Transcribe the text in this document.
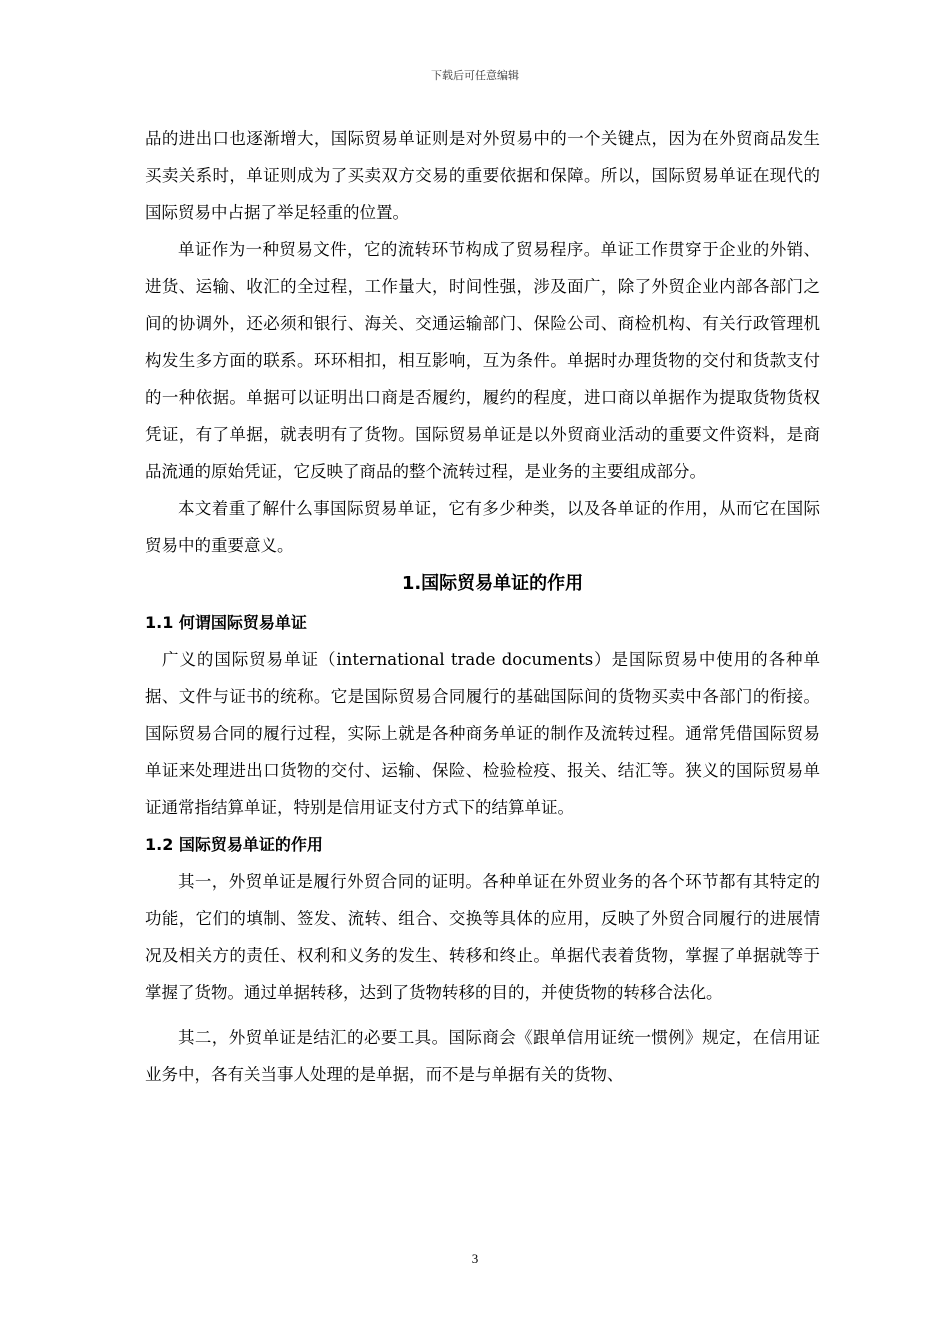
下载后可任意编辑

品的进出口也逐渐增大，国际贸易单证则是对外贸易中的一个关键点，因为在外贸商品发生买卖关系时，单证则成为了买卖双方交易的重要依据和保障。所以，国际贸易单证在现代的国际贸易中占据了举足轻重的位置。

单证作为一种贸易文件，它的流转环节构成了贸易程序。单证工作贯穿于企业的外销、进货、运输、收汇的全过程，工作量大，时间性强，涉及面广，除了外贸企业内部各部门之间的协调外，还必须和银行、海关、交通运输部门、保险公司、商检机构、有关行政管理机构发生多方面的联系。环环相扣，相互影响，互为条件。单据时办理货物的交付和货款支付的一种依据。单据可以证明出口商是否履约，履约的程度，进口商以单据作为提取货物货权凭证，有了单据，就表明有了货物。国际贸易单证是以外贸商业活动的重要文件资料，是商品流通的原始凭证，它反映了商品的整个流转过程，是业务的主要组成部分。

本文着重了解什么事国际贸易单证，它有多少种类，以及各单证的作用，从而它在国际贸易中的重要意义。

1.国际贸易单证的作用
1.1 何谓国际贸易单证

广义的国际贸易单证（international trade documents）是国际贸易中使用的各种单据、文件与证书的统称。它是国际贸易合同履行的基础国际间的货物买卖中各部门的衔接。国际贸易合同的履行过程，实际上就是各种商务单证的制作及流转过程。通常凭借国际贸易单证来处理进出口货物的交付、运输、保险、检验检疫、报关、结汇等。狭义的国际贸易单证通常指结算单证，特别是信用证支付方式下的结算单证。

1.2 国际贸易单证的作用

其一，外贸单证是履行外贸合同的证明。各种单证在外贸业务的各个环节都有其特定的功能，它们的填制、签发、流转、组合、交换等具体的应用，反映了外贸合同履行的进展情况及相关方的责任、权利和义务的发生、转移和终止。单据代表着货物，掌握了单据就等于掌握了货物。通过单据转移，达到了货物转移的目的，并使货物的转移合法化。

其二，外贸单证是结汇的必要工具。国际商会《跟单信用证统一惯例》规定，在信用证业务中，各有关当事人处理的是单据，而不是与单据有关的货物、

3
